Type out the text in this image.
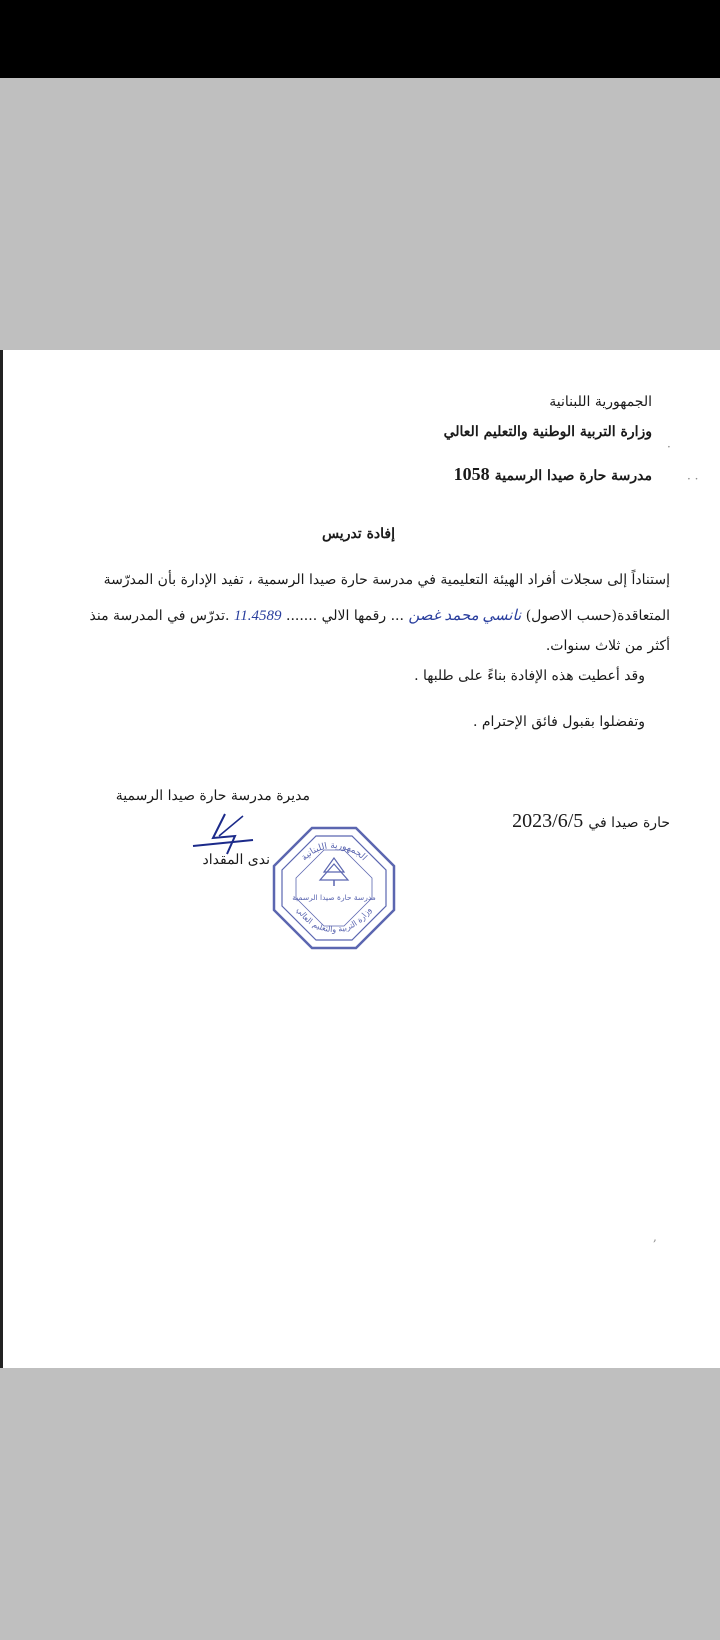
الجمهورية اللبنانية
وزارة التربية الوطنية والتعليم العالي
مدرسة حارة صيدا الرسمية 1058
·
· ·
إفادة تدريس
إستناداً إلى سجلات أفراد الهيئة التعليمية في مدرسة حارة صيدا الرسمية ، تفيد الإدارة بأن المدرّسة
المتعاقدة(حسب الاصول) نانسي محمد غصن ... رقمها الالي ....... 11.4589 .تدرّس في المدرسة منذ
أكثر من ثلاث سنوات.
وقد أعطيت هذه الإفادة بناءً على طلبها .
وتفضلوا بقبول فائق الإحترام .
مديرة مدرسة حارة صيدا الرسمية
ندى المقداد
حارة صيدا في 2023/6/5
,
الجمهورية اللبنانية
وزارة التربية والتعليم العالي
مدرسة حارة صيدا الرسمية
